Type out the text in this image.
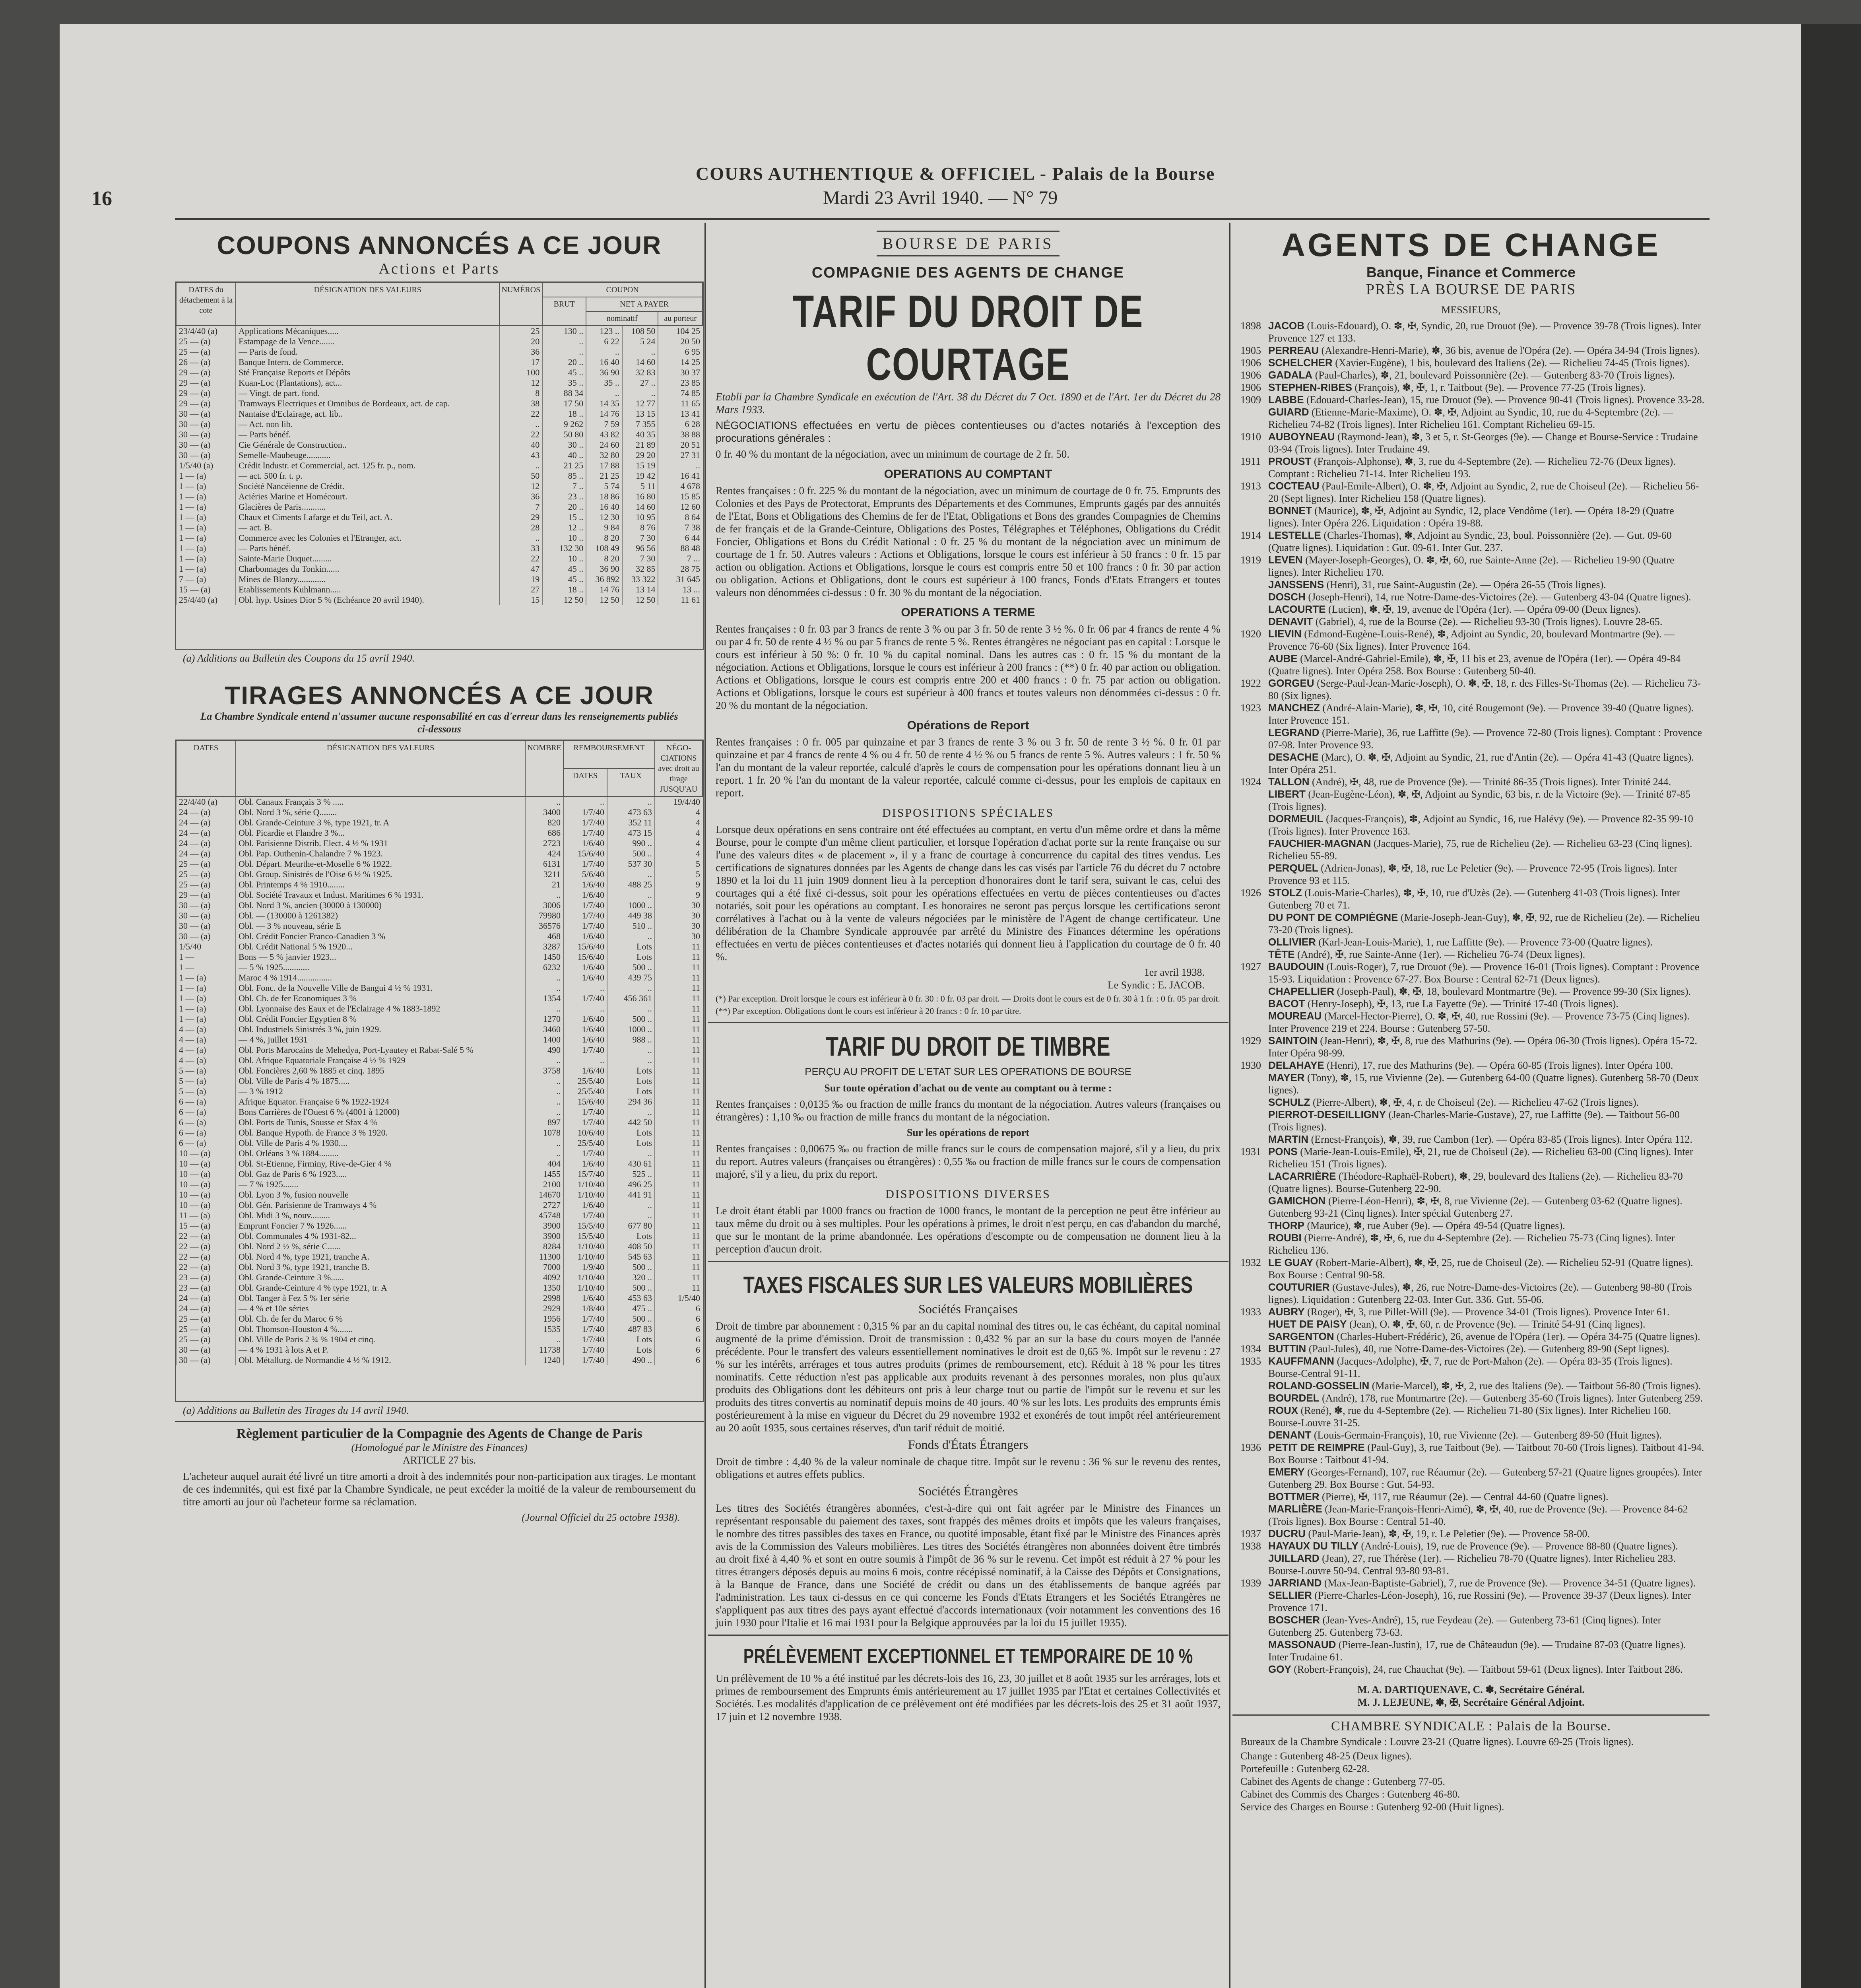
16
COURS AUTHENTIQUE & OFFICIEL - Palais de la Bourse
Mardi 23 Avril 1940. — N° 79
COUPONS ANNONCÉS A CE JOUR
Actions et Parts
DATES du détachement à la cote	DÉSIGNATION DES VALEURS	NUMÉROS	COUPON			
			BRUT	NET A PAYER		
				nominatif		au porteur
23/4/40 (a)	Applications Mécaniques.....	25	130 ..	123 ..	108 50	104 25
25 — (a)	Estampage de la Vence.......	20	..	6 22	5 24	20 50
25 — (a)	— Parts de fond.	36	..	..	..	6 95
26 — (a)	Banque Intern. de Commerce.	17	20 ..	16 40	14 60	14 25
29 — (a)	Sté Française Reports et Dépôts	100	45 ..	36 90	32 83	30 37
29 — (a)	Kuan-Loc (Plantations), act...	12	35 ..	35 ..	27 ..	23 85
29 — (a)	— Vingt. de part. fond.	8	88 34	..	..	74 85
29 — (a)	Tramways Electriques et Omnibus de Bordeaux, act. de cap.	38	17 50	14 35	12 77	11 65
30 — (a)	Nantaise d'Eclairage, act. lib..	22	18 ..	14 76	13 15	13 41
30 — (a)	— Act. non lib.	..	9 262	7 59	7 355	6 28
30 — (a)	— Parts bénéf.	22	50 80	43 82	40 35	38 88
30 — (a)	Cie Générale de Construction..	40	30 ..	24 60	21 89	20 51
30 — (a)	Semelle-Maubeuge...........	43	40 ..	32 80	29 20	27 31
1/5/40 (a)	Crédit Industr. et Commercial, act. 125 fr. p., nom.	..	21 25	17 88	15 19	..
1 — (a)	— act. 500 fr. t. p.	50	85 ..	21 25	19 42	16 41
1 — (a)	Société Nancéienne de Crédit.	12	7 ..	5 74	5 11	4 678
1 — (a)	Aciéries Marine et Homécourt.	36	23 ..	18 86	16 80	15 85
1 — (a)	Glacières de Paris...........	7	20 ..	16 40	14 60	12 60
1 — (a)	Chaux et Ciments Lafarge et du Teil, act. A.	29	15 ..	12 30	10 95	8 64
1 — (a)	— act. B.	28	12 ..	9 84	8 76	7 38
1 — (a)	Commerce avec les Colonies et l'Etranger, act.	..	10 ..	8 20	7 30	6 44
1 — (a)	— Parts bénéf.	33	132 30	108 49	96 56	88 48
1 — (a)	Sainte-Marie Duquet.........	22	10 ..	8 20	7 30	7 ...
1 — (a)	Charbonnages du Tonkin......	47	45 ..	36 90	32 85	28 75
7 — (a)	Mines de Blanzy.............	19	45 ..	36 892	33 322	31 645
15 — (a)	Etablissements Kuhlmann.....	27	18 ..	14 76	13 14	13 ...
25/4/40 (a)	Obl. hyp. Usines Dior 5 % (Echéance 20 avril 1940).	15	12 50	12 50	12 50	11 61
(a) Additions au Bulletin des Coupons du 15 avril 1940.
TIRAGES ANNONCÉS A CE JOUR
La Chambre Syndicale entend n'assumer aucune responsabilité en cas d'erreur dans les renseignements publiés ci-dessous
DATES	DÉSIGNATION DES VALEURS	NOMBRE	REMBOURSEMENT		NÉGO-CIATIONS avec droit au tirage JUSQU'AU
			DATES	TAUX	
22/4/40 (a)	Obl. Canaux Français 3 % .....	..	..	..	19/4/40
24 — (a)	Obl. Nord 3 %, série Q........	3400	1/7/40	473 63	4
24 — (a)	Obl. Grande-Ceinture 3 %, type 1921, tr. A	820	1/7/40	352 11	4
24 — (a)	Obl. Picardie et Flandre 3 %...	686	1/7/40	473 15	4
24 — (a)	Obl. Parisienne Distrib. Elect. 4 ½ % 1931	2723	1/6/40	990 ..	4
24 — (a)	Obl. Pap. Outhenin-Chalandre 7 % 1923.	424	15/6/40	500 ..	4
25 — (a)	Obl. Départ. Meurthe-et-Moselle 6 % 1922.	6131	1/7/40	537 30	5
25 — (a)	Obl. Group. Sinistrés de l'Oise 6 ½ % 1925.	3211	5/6/40	..	5
25 — (a)	Obl. Printemps 4 % 1910........	21	1/6/40	488 25	9
29 — (a)	Obl. Société Travaux et Indust. Maritimes 6 % 1931.	..	1/6/40	..	9
30 — (a)	Obl. Nord 3 %, ancien (30000 à 130000)	3006	1/7/40	1000 ..	30
30 — (a)	Obl. — (130000 à 1261382)	79980	1/7/40	449 38	30
30 — (a)	Obl. — 3 % nouveau, série E	36576	1/7/40	510 ..	30
30 — (a)	Obl. Crédit Foncier Franco-Canadien 3 %	468	1/6/40	..	30
1/5/40	Obl. Crédit National 5 % 1920...	3287	15/6/40	Lots	11
1 —	Bons — 5 % janvier 1923...	1450	15/6/40	Lots	11
1 —	— 5 % 1925............	6232	1/6/40	500 ..	11
1 — (a)	Maroc 4 % 1914................	..	1/6/40	439 75	11
1 — (a)	Obl. Fonc. de la Nouvelle Ville de Bangui 4 ½ % 1931.	..	..	..	11
1 — (a)	Obl. Ch. de fer Economiques 3 %	1354	1/7/40	456 361	11
1 — (a)	Obl. Lyonnaise des Eaux et de l'Eclairage 4 % 1883-1892	..	..	..	11
1 — (a)	Obl. Crédit Foncier Egyptien 8 %	1270	1/6/40	500 ..	11
4 — (a)	Obl. Industriels Sinistrés 3 %, juin 1929.	3460	1/6/40	1000 ..	11
4 — (a)	— 4 %, juillet 1931	1400	1/6/40	988 ..	11
4 — (a)	Obl. Ports Marocains de Mehedya, Port-Lyautey et Rabat-Salé 5 %	490	1/7/40	..	11
4 — (a)	Obl. Afrique Equatoriale Française 4 ½ % 1929	..	..	..	11
5 — (a)	Obl. Foncières 2,60 % 1885 et cinq. 1895	3758	1/6/40	Lots	11
5 — (a)	Obl. Ville de Paris 4 % 1875.....	..	25/5/40	Lots	11
5 — (a)	— 3 % 1912	..	25/5/40	Lots	11
6 — (a)	Afrique Equator. Française 6 % 1922-1924	..	15/6/40	294 36	11
6 — (a)	Bons Carrières de l'Ouest 6 % (4001 à 12000)	..	1/7/40	..	11
6 — (a)	Obl. Ports de Tunis, Sousse et Sfax 4 %	897	1/7/40	442 50	11
6 — (a)	Obl. Banque Hypoth. de France 3 % 1920.	1078	10/6/40	Lots	11
6 — (a)	Obl. Ville de Paris 4 % 1930....	..	25/5/40	Lots	11
10 — (a)	Obl. Orléans 3 % 1884.........	..	1/7/40	..	11
10 — (a)	Obl. St-Etienne, Firminy, Rive-de-Gier 4 %	404	1/6/40	430 61	11
10 — (a)	Obl. Gaz de Paris 6 % 1923.....	1455	15/7/40	525 ..	11
10 — (a)	— 7 % 1925.......	2100	1/10/40	496 25	11
10 — (a)	Obl. Lyon 3 %, fusion nouvelle	14670	1/10/40	441 91	11
10 — (a)	Obl. Gén. Parisienne de Tramways 4 %	2727	1/6/40	..	11
11 — (a)	Obl. Midi 3 %, nouv.........	45748	1/7/40	..	11
15 — (a)	Emprunt Foncier 7 % 1926......	3900	15/5/40	677 80	11
22 — (a)	Obl. Communales 4 % 1931-82...	3900	15/5/40	Lots	11
22 — (a)	Obl. Nord 2 ½ %, série C......	8284	1/10/40	408 50	11
22 — (a)	Obl. Nord 4 %, type 1921, tranche A.	11300	1/10/40	545 63	11
22 — (a)	Obl. Nord 3 %, type 1921, tranche B.	7000	1/9/40	500 ..	11
23 — (a)	Obl. Grande-Ceinture 3 %......	4092	1/10/40	320 ..	11
23 — (a)	Obl. Grande-Ceinture 4 % type 1921, tr. A	1350	1/10/40	500 ..	11
24 — (a)	Obl. Tanger à Fez 5 % 1er série	2998	1/6/40	453 63	1/5/40
24 — (a)	— 4 % et 10e séries	2929	1/8/40	475 ..	6
25 — (a)	Obl. Ch. de fer du Maroc 6 %	1956	1/7/40	500 ..	6
25 — (a)	Obl. Thomson-Houston 4 %.......	1535	1/7/40	487 83	6
25 — (a)	Obl. Ville de Paris 2 ¾ % 1904 et cinq.	..	1/7/40	Lots	6
30 — (a)	— 4 % 1931 à lots A et P.	11738	1/7/40	Lots	6
30 — (a)	Obl. Métallurg. de Normandie 4 ½ % 1912.	1240	1/7/40	490 ..	6
(a) Additions au Bulletin des Tirages du 14 avril 1940.
Règlement particulier de la Compagnie des Agents de Change de Paris
(Homologué par le Ministre des Finances)
ARTICLE 27 bis.
L'acheteur auquel aurait été livré un titre amorti a droit à des indemnités pour non-participation aux tirages. Le montant de ces indemnités, qui est fixé par la Chambre Syndicale, ne peut excéder la moitié de la valeur de remboursement du titre amorti au jour où l'acheteur forme sa réclamation.
(Journal Officiel du 25 octobre 1938).
BOURSE DE PARIS
COMPAGNIE DES AGENTS DE CHANGE
TARIF DU DROIT DE COURTAGE
Etabli par la Chambre Syndicale en exécution de l'Art. 38 du Décret du 7 Oct. 1890 et de l'Art. 1er du Décret du 28 Mars 1933.
NÉGOCIATIONS effectuées en vertu de pièces contentieuses ou d'actes notariés à l'exception des procurations générales :
0 fr. 40 % du montant de la négociation, avec un minimum de courtage de 2 fr. 50.
OPERATIONS AU COMPTANT
Rentes françaises : 0 fr. 225 % du montant de la négociation, avec un minimum de courtage de 0 fr. 75. Emprunts des Colonies et des Pays de Protectorat, Emprunts des Départements et des Communes, Emprunts gagés par des annuités de l'Etat, Bons et Obligations des Chemins de fer de l'Etat, Obligations et Bons des grandes Compagnies de Chemins de fer français et de la Grande-Ceinture, Obligations des Postes, Télégraphes et Téléphones, Obligations du Crédit Foncier, Obligations et Bons du Crédit National : 0 fr. 25 % du montant de la négociation avec un minimum de courtage de 1 fr. 50. Autres valeurs : Actions et Obligations, lorsque le cours est inférieur à 50 francs : 0 fr. 15 par action ou obligation. Actions et Obligations, lorsque le cours est compris entre 50 et 100 francs : 0 fr. 30 par action ou obligation. Actions et Obligations, dont le cours est supérieur à 100 francs, Fonds d'Etats Etrangers et toutes valeurs non dénommées ci-dessus : 0 fr. 30 % du montant de la négociation.
OPERATIONS A TERME
Rentes françaises : 0 fr. 03 par 3 francs de rente 3 % ou par 3 fr. 50 de rente 3 ½ %. 0 fr. 06 par 4 francs de rente 4 % ou par 4 fr. 50 de rente 4 ½ % ou par 5 francs de rente 5 %. Rentes étrangères ne négociant pas en capital : Lorsque le cours est inférieur à 50 %: 0 fr. 10 % du capital nominal. Dans les autres cas : 0 fr. 15 % du montant de la négociation. Actions et Obligations, lorsque le cours est inférieur à 200 francs : (**) 0 fr. 40 par action ou obligation. Actions et Obligations, lorsque le cours est compris entre 200 et 400 francs : 0 fr. 75 par action ou obligation. Actions et Obligations, lorsque le cours est supérieur à 400 francs et toutes valeurs non dénommées ci-dessus : 0 fr. 20 % du montant de la négociation.
Opérations de Report
Rentes françaises : 0 fr. 005 par quinzaine et par 3 francs de rente 3 % ou 3 fr. 50 de rente 3 ½ %. 0 fr. 01 par quinzaine et par 4 francs de rente 4 % ou 4 fr. 50 de rente 4 ½ % ou 5 francs de rente 5 %. Autres valeurs : 1 fr. 50 % l'an du montant de la valeur reportée, calculé d'après le cours de compensation pour les opérations donnant lieu à un report. 1 fr. 20 % l'an du montant de la valeur reportée, calculé comme ci-dessus, pour les emplois de capitaux en report.
DISPOSITIONS SPÉCIALES
Lorsque deux opérations en sens contraire ont été effectuées au comptant, en vertu d'un même ordre et dans la même Bourse, pour le compte d'un même client particulier, et lorsque l'opération d'achat porte sur la rente française ou sur l'une des valeurs dites « de placement », il y a franc de courtage à concurrence du capital des titres vendus. Les certifications de signatures données par les Agents de change dans les cas visés par l'article 76 du décret du 7 octobre 1890 et la loi du 11 juin 1909 donnent lieu à la perception d'honoraires dont le tarif sera, suivant le cas, celui des courtages qui a été fixé ci-dessus, soit pour les opérations effectuées en vertu de pièces contentieuses ou d'actes notariés, soit pour les opérations au comptant. Les honoraires ne seront pas perçus lorsque les certifications seront corrélatives à l'achat ou à la vente de valeurs négociées par le ministère de l'Agent de change certificateur. Une délibération de la Chambre Syndicale approuvée par arrêté du Ministre des Finances détermine les opérations effectuées en vertu de pièces contentieuses et d'actes notariés qui donnent lieu à l'application du courtage de 0 fr. 40 %.
1er avril 1938.
Le Syndic : E. JACOB.
(*) Par exception. Droit lorsque le cours est inférieur à 0 fr. 30 : 0 fr. 03 par droit. — Droits dont le cours est de 0 fr. 30 à 1 fr. : 0 fr. 05 par droit.
(**) Par exception. Obligations dont le cours est inférieur à 20 francs : 0 fr. 10 par titre.
TARIF DU DROIT DE TIMBRE
PERÇU AU PROFIT DE L'ETAT SUR LES OPERATIONS DE BOURSE
Sur toute opération d'achat ou de vente au comptant ou à terme :
Rentes françaises : 0,0135 ‰ ou fraction de mille francs du montant de la négociation. Autres valeurs (françaises ou étrangères) : 1,10 ‰ ou fraction de mille francs du montant de la négociation.
Sur les opérations de report
Rentes françaises : 0,00675 ‰ ou fraction de mille francs sur le cours de compensation majoré, s'il y a lieu, du prix du report. Autres valeurs (françaises ou étrangères) : 0,55 ‰ ou fraction de mille francs sur le cours de compensation majoré, s'il y a lieu, du prix du report.
DISPOSITIONS DIVERSES
Le droit étant établi par 1000 francs ou fraction de 1000 francs, le montant de la perception ne peut être inférieur au taux même du droit ou à ses multiples. Pour les opérations à primes, le droit n'est perçu, en cas d'abandon du marché, que sur le montant de la prime abandonnée. Les opérations d'escompte ou de compensation ne donnent lieu à la perception d'aucun droit.
TAXES FISCALES SUR LES VALEURS MOBILIÈRES
Sociétés Françaises
Droit de timbre par abonnement : 0,315 % par an du capital nominal des titres ou, le cas échéant, du capital nominal augmenté de la prime d'émission. Droit de transmission : 0,432 % par an sur la base du cours moyen de l'année précédente. Pour le transfert des valeurs essentiellement nominatives le droit est de 0,65 %. Impôt sur le revenu : 27 % sur les intérêts, arrérages et tous autres produits (primes de remboursement, etc). Réduit à 18 % pour les titres nominatifs. Cette réduction n'est pas applicable aux produits revenant à des personnes morales, non plus qu'aux produits des Obligations dont les débiteurs ont pris à leur charge tout ou partie de l'impôt sur le revenu et sur les produits des titres convertis au nominatif depuis moins de 40 jours. 40 % sur les lots. Les produits des emprunts émis postérieurement à la mise en vigueur du Décret du 29 novembre 1932 et exonérés de tout impôt réel antérieurement au 20 août 1935, sous certaines réserves, d'un tarif réduit de moitié.
Fonds d'États Étrangers
Droit de timbre : 4,40 % de la valeur nominale de chaque titre. Impôt sur le revenu : 36 % sur le revenu des rentes, obligations et autres effets publics.
Sociétés Étrangères
Les titres des Sociétés étrangères abonnées, c'est-à-dire qui ont fait agréer par le Ministre des Finances un représentant responsable du paiement des taxes, sont frappés des mêmes droits et impôts que les valeurs françaises, le nombre des titres passibles des taxes en France, ou quotité imposable, étant fixé par le Ministre des Finances après avis de la Commission des Valeurs mobilières. Les titres des Sociétés étrangères non abonnées doivent être timbrés au droit fixé à 4,40 % et sont en outre soumis à l'impôt de 36 % sur le revenu. Cet impôt est réduit à 27 % pour les titres étrangers déposés depuis au moins 6 mois, contre récépissé nominatif, à la Caisse des Dépôts et Consignations, à la Banque de France, dans une Société de crédit ou dans un des établissements de banque agréés par l'administration. Les taux ci-dessus en ce qui concerne les Fonds d'Etats Etrangers et les Sociétés Etrangères ne s'appliquent pas aux titres des pays ayant effectué d'accords internationaux (voir notamment les conventions des 16 juin 1930 pour l'Italie et 16 mai 1931 pour la Belgique approuvées par la loi du 15 juillet 1935).
PRÉLÈVEMENT EXCEPTIONNEL ET TEMPORAIRE DE 10 %
Un prélèvement de 10 % a été institué par les décrets-lois des 16, 23, 30 juillet et 8 août 1935 sur les arrérages, lots et primes de remboursement des Emprunts émis antérieurement au 17 juillet 1935 par l'Etat et certaines Collectivités et Sociétés. Les modalités d'application de ce prélèvement ont été modifiées par les décrets-lois des 25 et 31 août 1937, 17 juin et 12 novembre 1938.
AGENTS DE CHANGE
Banque, Finance et Commerce
PRÈS LA BOURSE DE PARIS
MESSIEURS,
1898 JACOB (Louis-Edouard), O. ✽, ✠, Syndic, 20, rue Drouot (9e). — Provence 39-78 (Trois lignes). Inter Provence 127 et 133.
1905 PERREAU (Alexandre-Henri-Marie), ✽, 36 bis, avenue de l'Opéra (2e). — Opéra 34-94 (Trois lignes).
1906 SCHELCHER (Xavier-Eugène), 1 bis, boulevard des Italiens (2e). — Richelieu 74-45 (Trois lignes).
1906 GADALA (Paul-Charles), ✽, 21, boulevard Poissonnière (2e). — Gutenberg 83-70 (Trois lignes).
1906 STEPHEN-RIBES (François), ✽, ✠, 1, r. Taitbout (9e). — Provence 77-25 (Trois lignes).
1909 LABBE (Edouard-Charles-Jean), 15, rue Drouot (9e). — Provence 90-41 (Trois lignes). Provence 33-28.
GUIARD (Etienne-Marie-Maxime), O. ✽, ✠, Adjoint au Syndic, 10, rue du 4-Septembre (2e). — Richelieu 74-82 (Trois lignes). Inter Richelieu 161. Comptant Richelieu 69-15.
1910 AUBOYNEAU (Raymond-Jean), ✽, 3 et 5, r. St-Georges (9e). — Change et Bourse-Service : Trudaine 03-94 (Trois lignes). Inter Trudaine 49.
1911 PROUST (François-Alphonse), ✽, 3, rue du 4-Septembre (2e). — Richelieu 72-76 (Deux lignes). Comptant : Richelieu 71-14. Inter Richelieu 193.
1913 COCTEAU (Paul-Emile-Albert), O. ✽, ✠, Adjoint au Syndic, 2, rue de Choiseul (2e). — Richelieu 56-20 (Sept lignes). Inter Richelieu 158 (Quatre lignes).
BONNET (Maurice), ✽, ✠, Adjoint au Syndic, 12, place Vendôme (1er). — Opéra 18-29 (Quatre lignes). Inter Opéra 226. Liquidation : Opéra 19-88.
1914 LESTELLE (Charles-Thomas), ✽, Adjoint au Syndic, 23, boul. Poissonnière (2e). — Gut. 09-60 (Quatre lignes). Liquidation : Gut. 09-61. Inter Gut. 237.
1919 LEVEN (Mayer-Joseph-Georges), O. ✽, ✠, 60, rue Sainte-Anne (2e). — Richelieu 19-90 (Quatre lignes). Inter Richelieu 170.
JANSSENS (Henri), 31, rue Saint-Augustin (2e). — Opéra 26-55 (Trois lignes).
DOSCH (Joseph-Henri), 14, rue Notre-Dame-des-Victoires (2e). — Gutenberg 43-04 (Quatre lignes).
LACOURTE (Lucien), ✽, ✠, 19, avenue de l'Opéra (1er). — Opéra 09-00 (Deux lignes).
DENAVIT (Gabriel), 4, rue de la Bourse (2e). — Richelieu 93-30 (Trois lignes). Louvre 28-65.
1920 LIEVIN (Edmond-Eugène-Louis-René), ✽, Adjoint au Syndic, 20, boulevard Montmartre (9e). — Provence 76-60 (Six lignes). Inter Provence 164.
AUBE (Marcel-André-Gabriel-Emile), ✽, ✠, 11 bis et 23, avenue de l'Opéra (1er). — Opéra 49-84 (Quatre lignes). Inter Opéra 258. Box Bourse : Gutenberg 50-40.
1922 GORGEU (Serge-Paul-Jean-Marie-Joseph), O. ✽, ✠, 18, r. des Filles-St-Thomas (2e). — Richelieu 73-80 (Six lignes).
1923 MANCHEZ (André-Alain-Marie), ✽, ✠, 10, cité Rougemont (9e). — Provence 39-40 (Quatre lignes). Inter Provence 151.
LEGRAND (Pierre-Marie), 36, rue Laffitte (9e). — Provence 72-80 (Trois lignes). Comptant : Provence 07-98. Inter Provence 93.
DESACHE (Marc), O. ✽, ✠, Adjoint au Syndic, 21, rue d'Antin (2e). — Opéra 41-43 (Quatre lignes). Inter Opéra 251.
1924 TALLON (André), ✠, 48, rue de Provence (9e). — Trinité 86-35 (Trois lignes). Inter Trinité 244.
LIBERT (Jean-Eugène-Léon), ✽, ✠, Adjoint au Syndic, 63 bis, r. de la Victoire (9e). — Trinité 87-85 (Trois lignes).
DORMEUIL (Jacques-François), ✽, Adjoint au Syndic, 16, rue Halévy (9e). — Provence 82-35 99-10 (Trois lignes). Inter Provence 163.
FAUCHIER-MAGNAN (Jacques-Marie), 75, rue de Richelieu (2e). — Richelieu 63-23 (Cinq lignes). Richelieu 55-89.
PERQUEL (Adrien-Jonas), ✽, ✠, 18, rue Le Peletier (9e). — Provence 72-95 (Trois lignes). Inter Provence 93 et 115.
1926 STOLZ (Louis-Marie-Charles), ✽, ✠, 10, rue d'Uzès (2e). — Gutenberg 41-03 (Trois lignes). Inter Gutenberg 70 et 71.
DU PONT DE COMPIÈGNE (Marie-Joseph-Jean-Guy), ✽, ✠, 92, rue de Richelieu (2e). — Richelieu 73-20 (Trois lignes).
OLLIVIER (Karl-Jean-Louis-Marie), 1, rue Laffitte (9e). — Provence 73-00 (Quatre lignes).
TÊTE (André), ✠, rue Sainte-Anne (1er). — Richelieu 76-74 (Deux lignes).
1927 BAUDOUIN (Louis-Roger), 7, rue Drouot (9e). — Provence 16-01 (Trois lignes). Comptant : Provence 15-93. Liquidation : Provence 67-27. Box Bourse : Central 62-71 (Deux lignes).
CHAPELLIER (Joseph-Paul), ✽, ✠, 18, boulevard Montmartre (9e). — Provence 99-30 (Six lignes).
BACOT (Henry-Joseph), ✠, 13, rue La Fayette (9e). — Trinité 17-40 (Trois lignes).
MOUREAU (Marcel-Hector-Pierre), O. ✽, ✠, 40, rue Rossini (9e). — Provence 73-75 (Cinq lignes). Inter Provence 219 et 224. Bourse : Gutenberg 57-50.
1929 SAINTOIN (Jean-Henri), ✽, ✠, 8, rue des Mathurins (9e). — Opéra 06-30 (Trois lignes). Opéra 15-72. Inter Opéra 98-99.
1930 DELAHAYE (Henri), 17, rue des Mathurins (9e). — Opéra 60-85 (Trois lignes). Inter Opéra 100.
MAYER (Tony), ✽, 15, rue Vivienne (2e). — Gutenberg 64-00 (Quatre lignes). Gutenberg 58-70 (Deux lignes).
SCHULZ (Pierre-Albert), ✽, ✠, 4, r. de Choiseul (2e). — Richelieu 47-62 (Trois lignes).
PIERROT-DESEILLIGNY (Jean-Charles-Marie-Gustave), 27, rue Laffitte (9e). — Taitbout 56-00 (Trois lignes).
MARTIN (Ernest-François), ✽, 39, rue Cambon (1er). — Opéra 83-85 (Trois lignes). Inter Opéra 112.
1931 PONS (Marie-Jean-Louis-Emile), ✠, 21, rue de Choiseul (2e). — Richelieu 63-00 (Cinq lignes). Inter Richelieu 151 (Trois lignes).
LACARRIÈRE (Théodore-Raphaël-Robert), ✽, 29, boulevard des Italiens (2e). — Richelieu 83-70 (Quatre lignes). Bourse-Gutenberg 22-90.
GAMICHON (Pierre-Léon-Henri), ✽, ✠, 8, rue Vivienne (2e). — Gutenberg 03-62 (Quatre lignes). Gutenberg 93-21 (Cinq lignes). Inter spécial Gutenberg 27.
THORP (Maurice), ✽, rue Auber (9e). — Opéra 49-54 (Quatre lignes).
ROUBI (Pierre-André), ✽, ✠, 6, rue du 4-Septembre (2e). — Richelieu 75-73 (Cinq lignes). Inter Richelieu 136.
1932 LE GUAY (Robert-Marie-Albert), ✽, ✠, 25, rue de Choiseul (2e). — Richelieu 52-91 (Quatre lignes). Box Bourse : Central 90-58.
COUTURIER (Gustave-Jules), ✽, 26, rue Notre-Dame-des-Victoires (2e). — Gutenberg 98-80 (Trois lignes). Liquidation : Gutenberg 22-03. Inter Gut. 336. Gut. 55-06.
1933 AUBRY (Roger), ✠, 3, rue Pillet-Will (9e). — Provence 34-01 (Trois lignes). Provence Inter 61.
HUET DE PAISY (Jean), O. ✽, ✠, 60, r. de Provence (9e). — Trinité 54-91 (Cinq lignes).
SARGENTON (Charles-Hubert-Frédéric), 26, avenue de l'Opéra (1er). — Opéra 34-75 (Quatre lignes).
1934 BUTTIN (Paul-Jules), 40, rue Notre-Dame-des-Victoires (2e). — Gutenberg 89-90 (Sept lignes).
1935 KAUFFMANN (Jacques-Adolphe), ✠, 7, rue de Port-Mahon (2e). — Opéra 83-35 (Trois lignes). Bourse-Central 91-11.
ROLAND-GOSSELIN (Marie-Marcel), ✽, ✠, 2, rue des Italiens (9e). — Taitbout 56-80 (Trois lignes).
BOURDEL (André), 178, rue Montmartre (2e). — Gutenberg 35-60 (Trois lignes). Inter Gutenberg 259.
ROUX (René), ✽, rue du 4-Septembre (2e). — Richelieu 71-80 (Six lignes). Inter Richelieu 160. Bourse-Louvre 31-25.
DENANT (Louis-Germain-François), 10, rue Vivienne (2e). — Gutenberg 89-50 (Huit lignes).
1936 PETIT DE REIMPRE (Paul-Guy), 3, rue Taitbout (9e). — Taitbout 70-60 (Trois lignes). Taitbout 41-94. Box Bourse : Taitbout 41-94.
EMERY (Georges-Fernand), 107, rue Réaumur (2e). — Gutenberg 57-21 (Quatre lignes groupées). Inter Gutenberg 29. Box Bourse : Gut. 54-93.
BOTTMER (Pierre), ✠, 117, rue Réaumur (2e). — Central 44-60 (Quatre lignes).
MARLIÈRE (Jean-Marie-François-Henri-Aimé), ✽, ✠, 40, rue de Provence (9e). — Provence 84-62 (Trois lignes). Box Bourse : Central 51-40.
1937 DUCRU (Paul-Marie-Jean), ✽, ✠, 19, r. Le Peletier (9e). — Provence 58-00.
1938 HAYAUX DU TILLY (André-Louis), 19, rue de Provence (9e). — Provence 88-80 (Quatre lignes).
JUILLARD (Jean), 27, rue Thérèse (1er). — Richelieu 78-70 (Quatre lignes). Inter Richelieu 283. Bourse-Louvre 50-94. Central 93-80 93-81.
1939 JARRIAND (Max-Jean-Baptiste-Gabriel), 7, rue de Provence (9e). — Provence 34-51 (Quatre lignes).
SELLIER (Pierre-Charles-Léon-Joseph), 16, rue Rossini (9e). — Provence 39-37 (Deux lignes). Inter Provence 171.
BOSCHER (Jean-Yves-André), 15, rue Feydeau (2e). — Gutenberg 73-61 (Cinq lignes). Inter Gutenberg 25. Gutenberg 73-63.
MASSONAUD (Pierre-Jean-Justin), 17, rue de Châteaudun (9e). — Trudaine 87-03 (Quatre lignes). Inter Trudaine 61.
GOY (Robert-François), 24, rue Chauchat (9e). — Taitbout 59-61 (Deux lignes). Inter Taitbout 286.
M. A. DARTIQUENAVE, C. ✽, Secrétaire Général.
M. J. LEJEUNE, ✽, ✠, Secrétaire Général Adjoint.
CHAMBRE SYNDICALE : Palais de la Bourse.
Bureaux de la Chambre Syndicale : Louvre 23-21 (Quatre lignes). Louvre 69-25 (Trois lignes).
Change : Gutenberg 48-25 (Deux lignes).
Portefeuille : Gutenberg 62-28.
Cabinet des Agents de change : Gutenberg 77-05.
Cabinet des Commis des Charges : Gutenberg 46-80.
Service des Charges en Bourse : Gutenberg 92-00 (Huit lignes).
